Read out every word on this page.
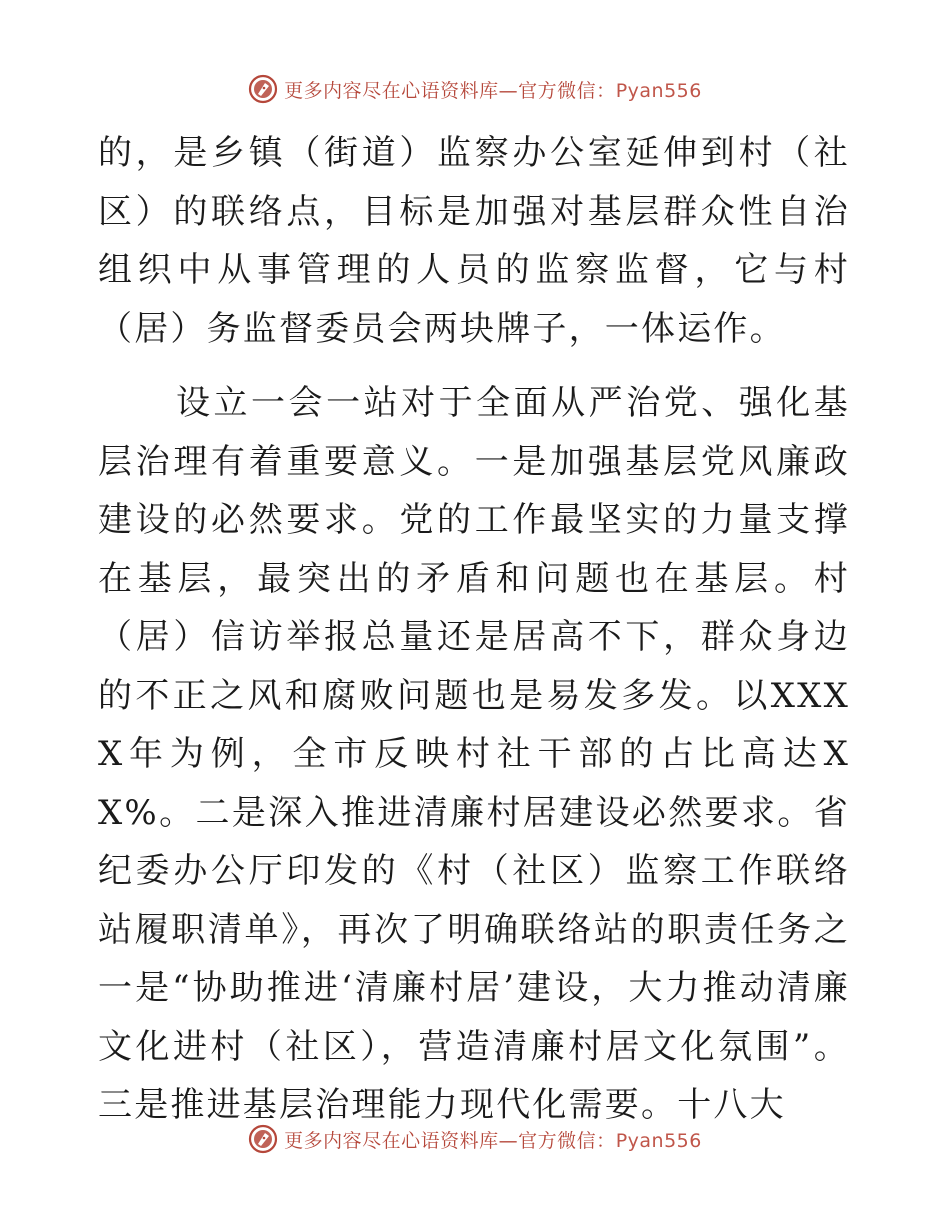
更多内容尽在心语资料库—官方微信：Pyan556

的，是乡镇（街道）监察办公室延伸到村（社区）的联络点，目标是加强对基层群众性自治组织中从事管理的人员的监察监督，它与村（居）务监督委员会两块牌子，一体运作。

设立一会一站对于全面从严治党、强化基层治理有着重要意义。一是加强基层党风廉政建设的必然要求。党的工作最坚实的力量支撑在基层，最突出的矛盾和问题也在基层。村（居）信访举报总量还是居高不下，群众身边的不正之风和腐败问题也是易发多发。以XXXX年为例，全市反映村社干部的占比高达XX%。二是深入推进清廉村居建设必然要求。省纪委办公厅印发的《村（社区）监察工作联络站履职清单》，再次了明确联络站的职责任务之一是“协助推进‘清廉村居’建设，大力推动清廉文化进村（社区），营造清廉村居文化氛围”。三是推进基层治理能力现代化需要。十八大

更多内容尽在心语资料库—官方微信：Pyan556
